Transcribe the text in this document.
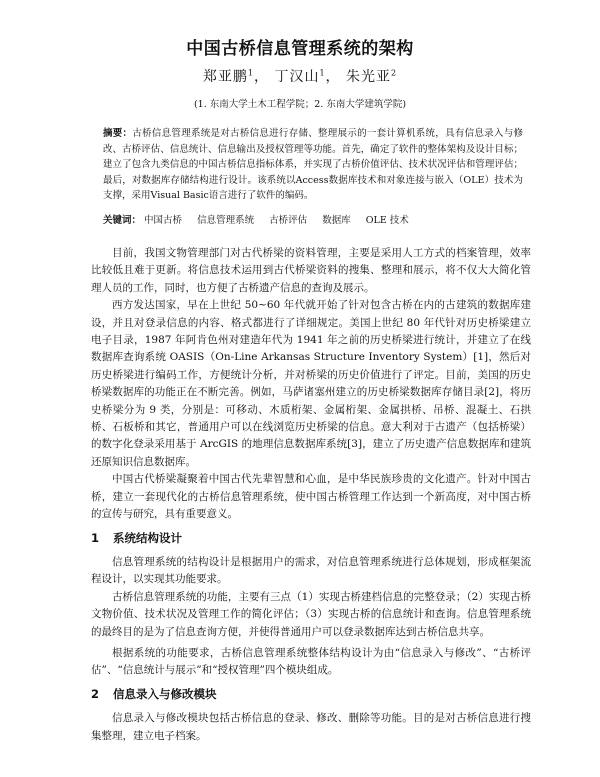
中国古桥信息管理系统的架构
郑亚鹏$^1$， 丁汉山$^1$， 朱光亚$^2$
(1. 东南大学土木工程学院；2. 东南大学建筑学院)
摘要：古桥信息管理系统是对古桥信息进行存储、整理展示的一套计算机系统，具有信息录入与修改、古桥评估、信息统计、信息输出及授权管理等功能。首先，确定了软件的整体架构及设计目标；建立了包含九类信息的中国古桥信息指标体系，并实现了古桥价值评估、技术状况评估和管理评估；最后，对数据库存储结构进行设计。该系统以Access数据库技术和对象连接与嵌入（OLE）技术为支撑，采用Visual Basic语言进行了软件的编码。
关键词： 中国古桥 信息管理系统 古桥评估 数据库 OLE 技术

目前，我国文物管理部门对古代桥梁的资料管理，主要是采用人工方式的档案管理，效率比较低且难于更新。将信息技术运用到古代桥梁资料的搜集、整理和展示，将不仅大大简化管理人员的工作，同时，也方便了古桥遗产信息的查询及展示。

西方发达国家，早在上世纪 50~60 年代就开始了针对包含古桥在内的古建筑的数据库建设，并且对登录信息的内容、格式都进行了详细规定。美国上世纪 80 年代针对历史桥梁建立电子目录，1987 年阿肯色州对建造年代为 1941 年之前的历史桥梁进行统计，并建立了在线数据库查询系统 OASIS（On-Line Arkansas Structure Inventory System）[1]，然后对历史桥梁进行编码工作，方便统计分析，并对桥梁的历史价值进行了评定。目前，美国的历史桥梁数据库的功能正在不断完善。例如，马萨诸塞州建立的历史桥梁数据库存储目录[2]，将历史桥梁分为 9 类，分别是：可移动、木质桁架、金属桁架、金属拱桥、吊桥、混凝土、石拱桥、石板桥和其它，普通用户可以在线浏览历史桥梁的信息。意大利对于古遗产（包括桥梁）的数字化登录采用基于 ArcGIS 的地理信息数据库系统[3]，建立了历史遗产信息数据库和建筑还原知识信息数据库。

中国古代桥梁凝聚着中国古代先辈智慧和心血，是中华民族珍贵的文化遗产。针对中国古桥，建立一套现代化的古桥信息管理系统，使中国古桥管理工作达到一个新高度，对中国古桥的宣传与研究，具有重要意义。

1 系统结构设计

信息管理系统的结构设计是根据用户的需求，对信息管理系统进行总体规划，形成框架流程设计，以实现其功能要求。

古桥信息管理系统的功能，主要有三点（1）实现古桥建档信息的完整登录；（2）实现古桥文物价值、技术状况及管理工作的简化评估；（3）实现古桥的信息统计和查询。信息管理系统的最终目的是为了信息查询方便，并使得普通用户可以登录数据库达到古桥信息共享。

根据系统的功能要求，古桥信息管理系统整体结构设计为由“信息录入与修改”、“古桥评估”、“信息统计与展示”和“授权管理”四个模块组成。

2 信息录入与修改模块

信息录入与修改模块包括古桥信息的登录、修改、删除等功能。目的是对古桥信息进行搜集整理，建立电子档案。
